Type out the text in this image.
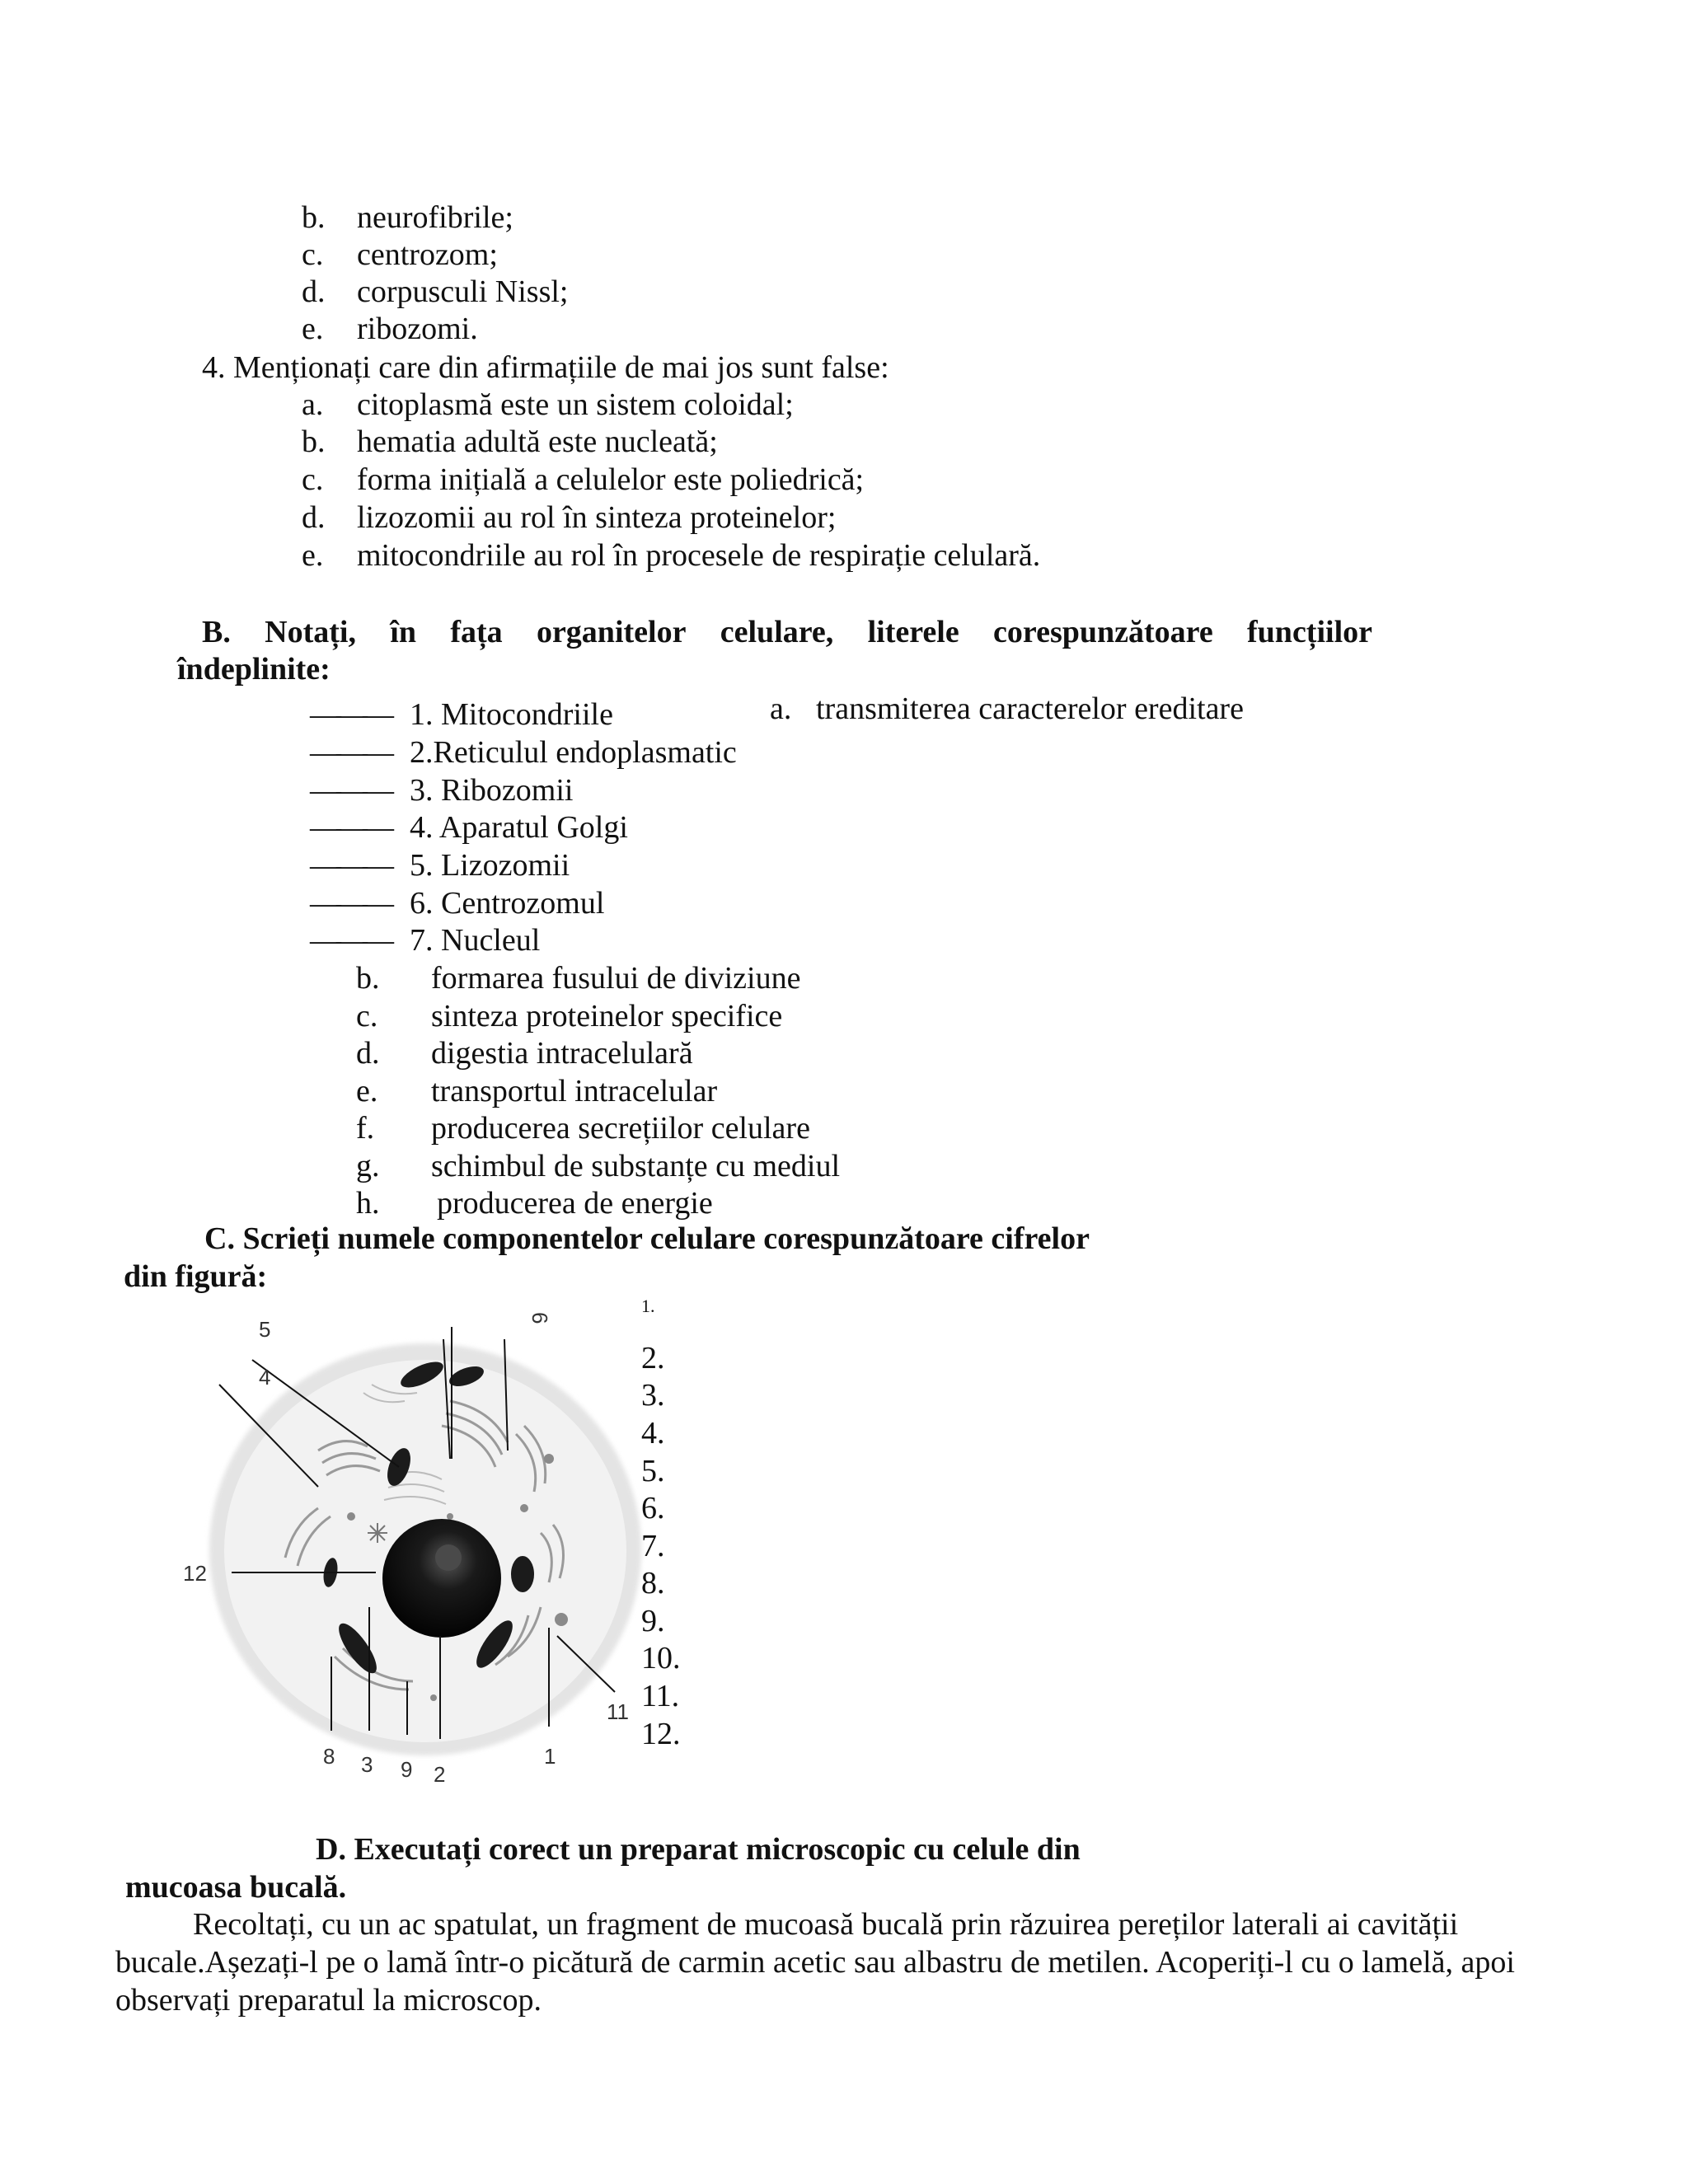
b. neurofibrile;
c. centrozom;
d. corpusculi Nissl;
e. ribozomi.
4. Menționați care din afirmațiile de mai jos sunt false:
a. citoplasmă este un sistem coloidal;
b. hematia adultă este nucleată;
c. forma inițială a celulelor este poliedrică;
d. lizozomii au rol în sinteza proteinelor;
e. mitocondriile au rol în procesele de respirație celulară.
B. Notați, în fața organitelor celulare, literele corespunzătoare funcțiilor
îndeplinite:
——— 1. Mitocondriile
——— 2.Reticulul endoplasmatic
——— 3. Ribozomii
——— 4. Aparatul Golgi
——— 5. Lizozomii
——— 6. Centrozomul
——— 7. Nucleul
a. transmiterea caracterelor ereditare
b. formarea fusului de diviziune
c. sinteza proteinelor specifice
d. digestia intracelulară
e. transportul intracelular
f. producerea secrețiilor celulare
g. schimbul de substanțe cu mediul
h. producerea de energie
C. Scrieți numele componentelor celulare corespunzătoare cifrelor
din figură:
5
4
12
8 3 9 2
1
11
6
1.
2.
3.
4.
5.
6.
7.
8.
9.
10.
11.
12.
D. Executați corect un preparat microscopic cu celule din
mucoasa bucală.
Recoltați, cu un ac spatulat, un fragment de mucoasă bucală prin răzuirea pereților laterali ai cavității bucale.Așezați-l pe o lamă într-o picătură de carmin acetic sau albastru de metilen. Acoperiți-l cu o lamelă, apoi observați preparatul la microscop.
